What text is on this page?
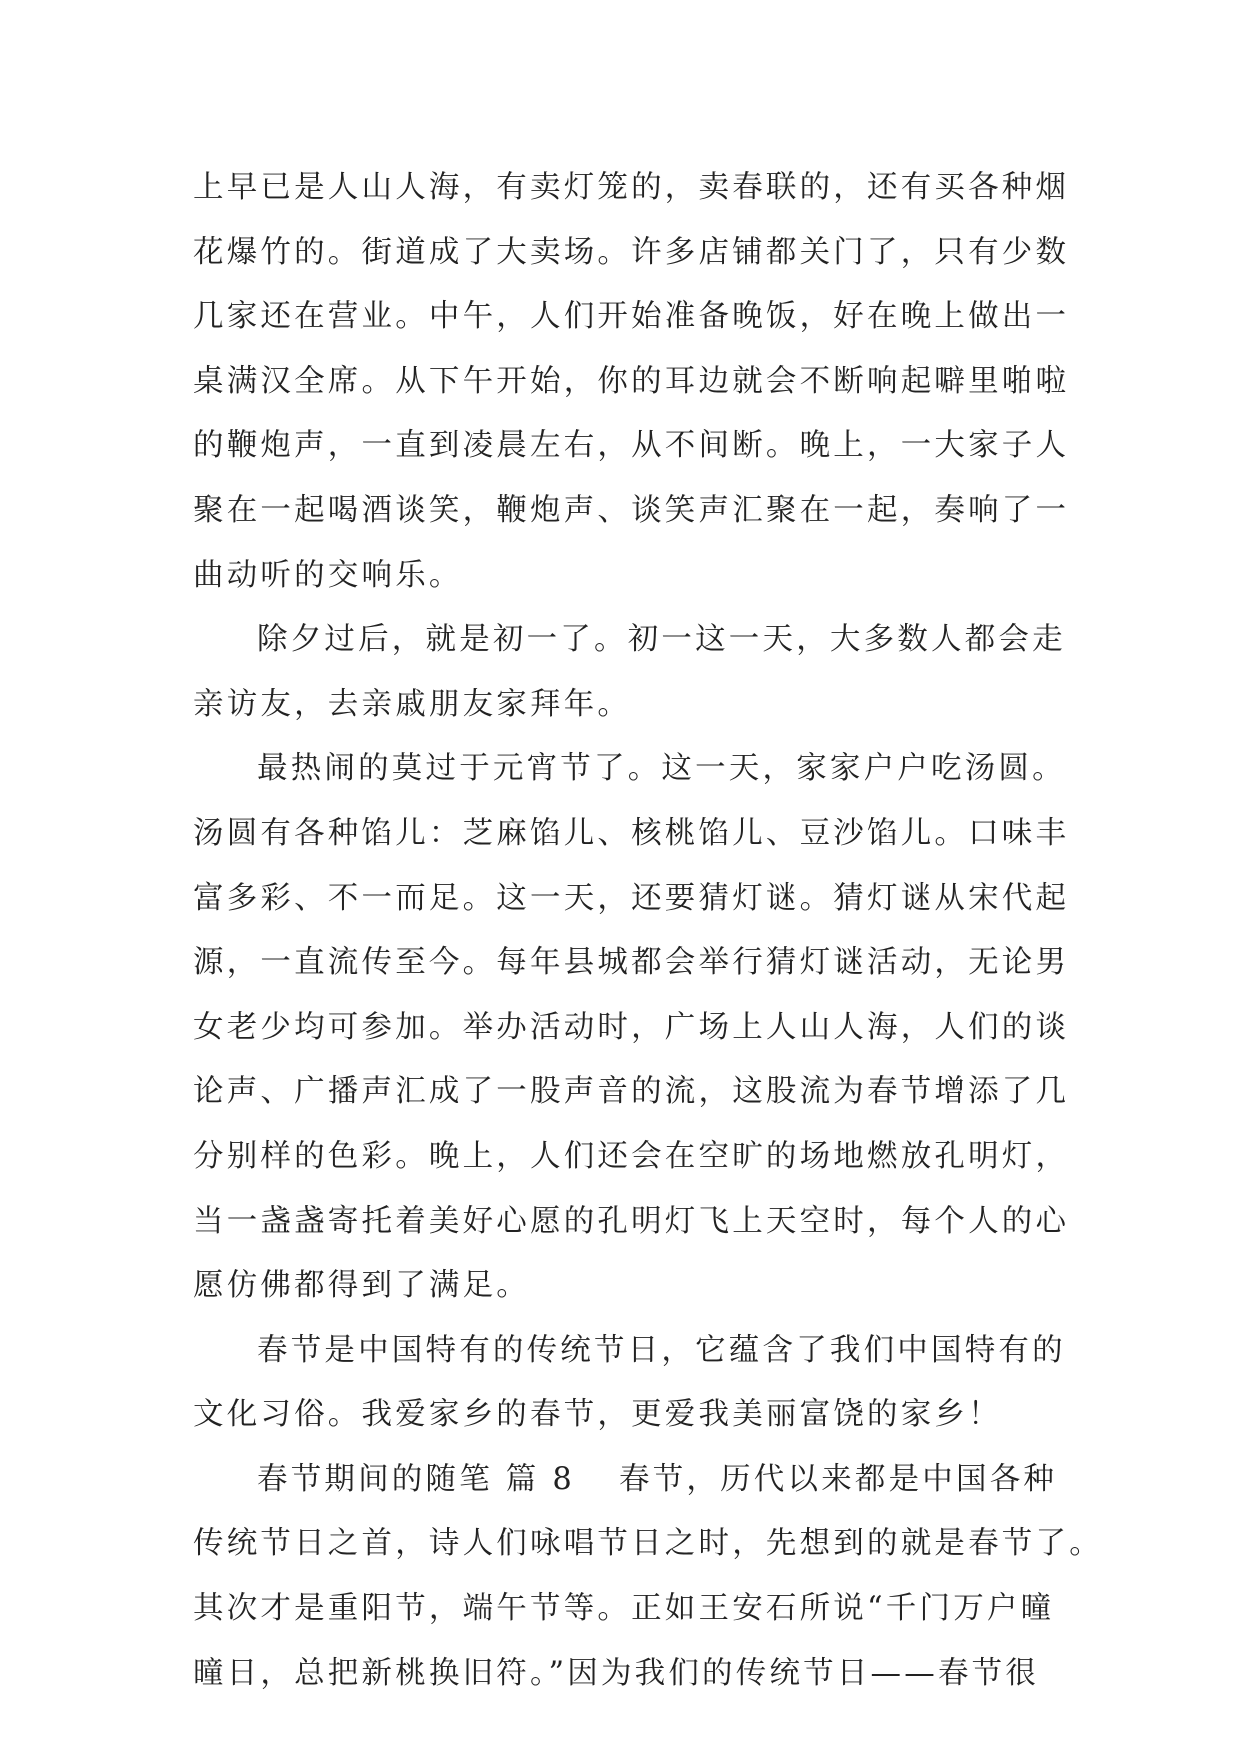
上早已是人山人海，有卖灯笼的，卖春联的，还有买各种烟
花爆竹的。街道成了大卖场。许多店铺都关门了，只有少数
几家还在营业。中午，人们开始准备晚饭，好在晚上做出一
桌满汉全席。从下午开始，你的耳边就会不断响起噼里啪啦
的鞭炮声，一直到凌晨左右，从不间断。晚上，一大家子人
聚在一起喝酒谈笑，鞭炮声、谈笑声汇聚在一起，奏响了一
曲动听的交响乐。
除夕过后，就是初一了。初一这一天，大多数人都会走
亲访友，去亲戚朋友家拜年。
最热闹的莫过于元宵节了。这一天，家家户户吃汤圆。
汤圆有各种馅儿：芝麻馅儿、核桃馅儿、豆沙馅儿。口味丰
富多彩、不一而足。这一天，还要猜灯谜。猜灯谜从宋代起
源，一直流传至今。每年县城都会举行猜灯谜活动，无论男
女老少均可参加。举办活动时，广场上人山人海，人们的谈
论声、广播声汇成了一股声音的流，这股流为春节增添了几
分别样的色彩。晚上，人们还会在空旷的场地燃放孔明灯，
当一盏盏寄托着美好心愿的孔明灯飞上天空时，每个人的心
愿仿佛都得到了满足。
春节是中国特有的传统节日，它蕴含了我们中国特有的
文化习俗。我爱家乡的春节，更爱我美丽富饶的家乡！
春节期间的随笔 篇 8 春节，历代以来都是中国各种
传统节日之首，诗人们咏唱节日之时，先想到的就是春节了。
其次才是重阳节，端午节等。正如王安石所说“千门万户曈
曈日，总把新桃换旧符。”因为我们的传统节日——春节很
